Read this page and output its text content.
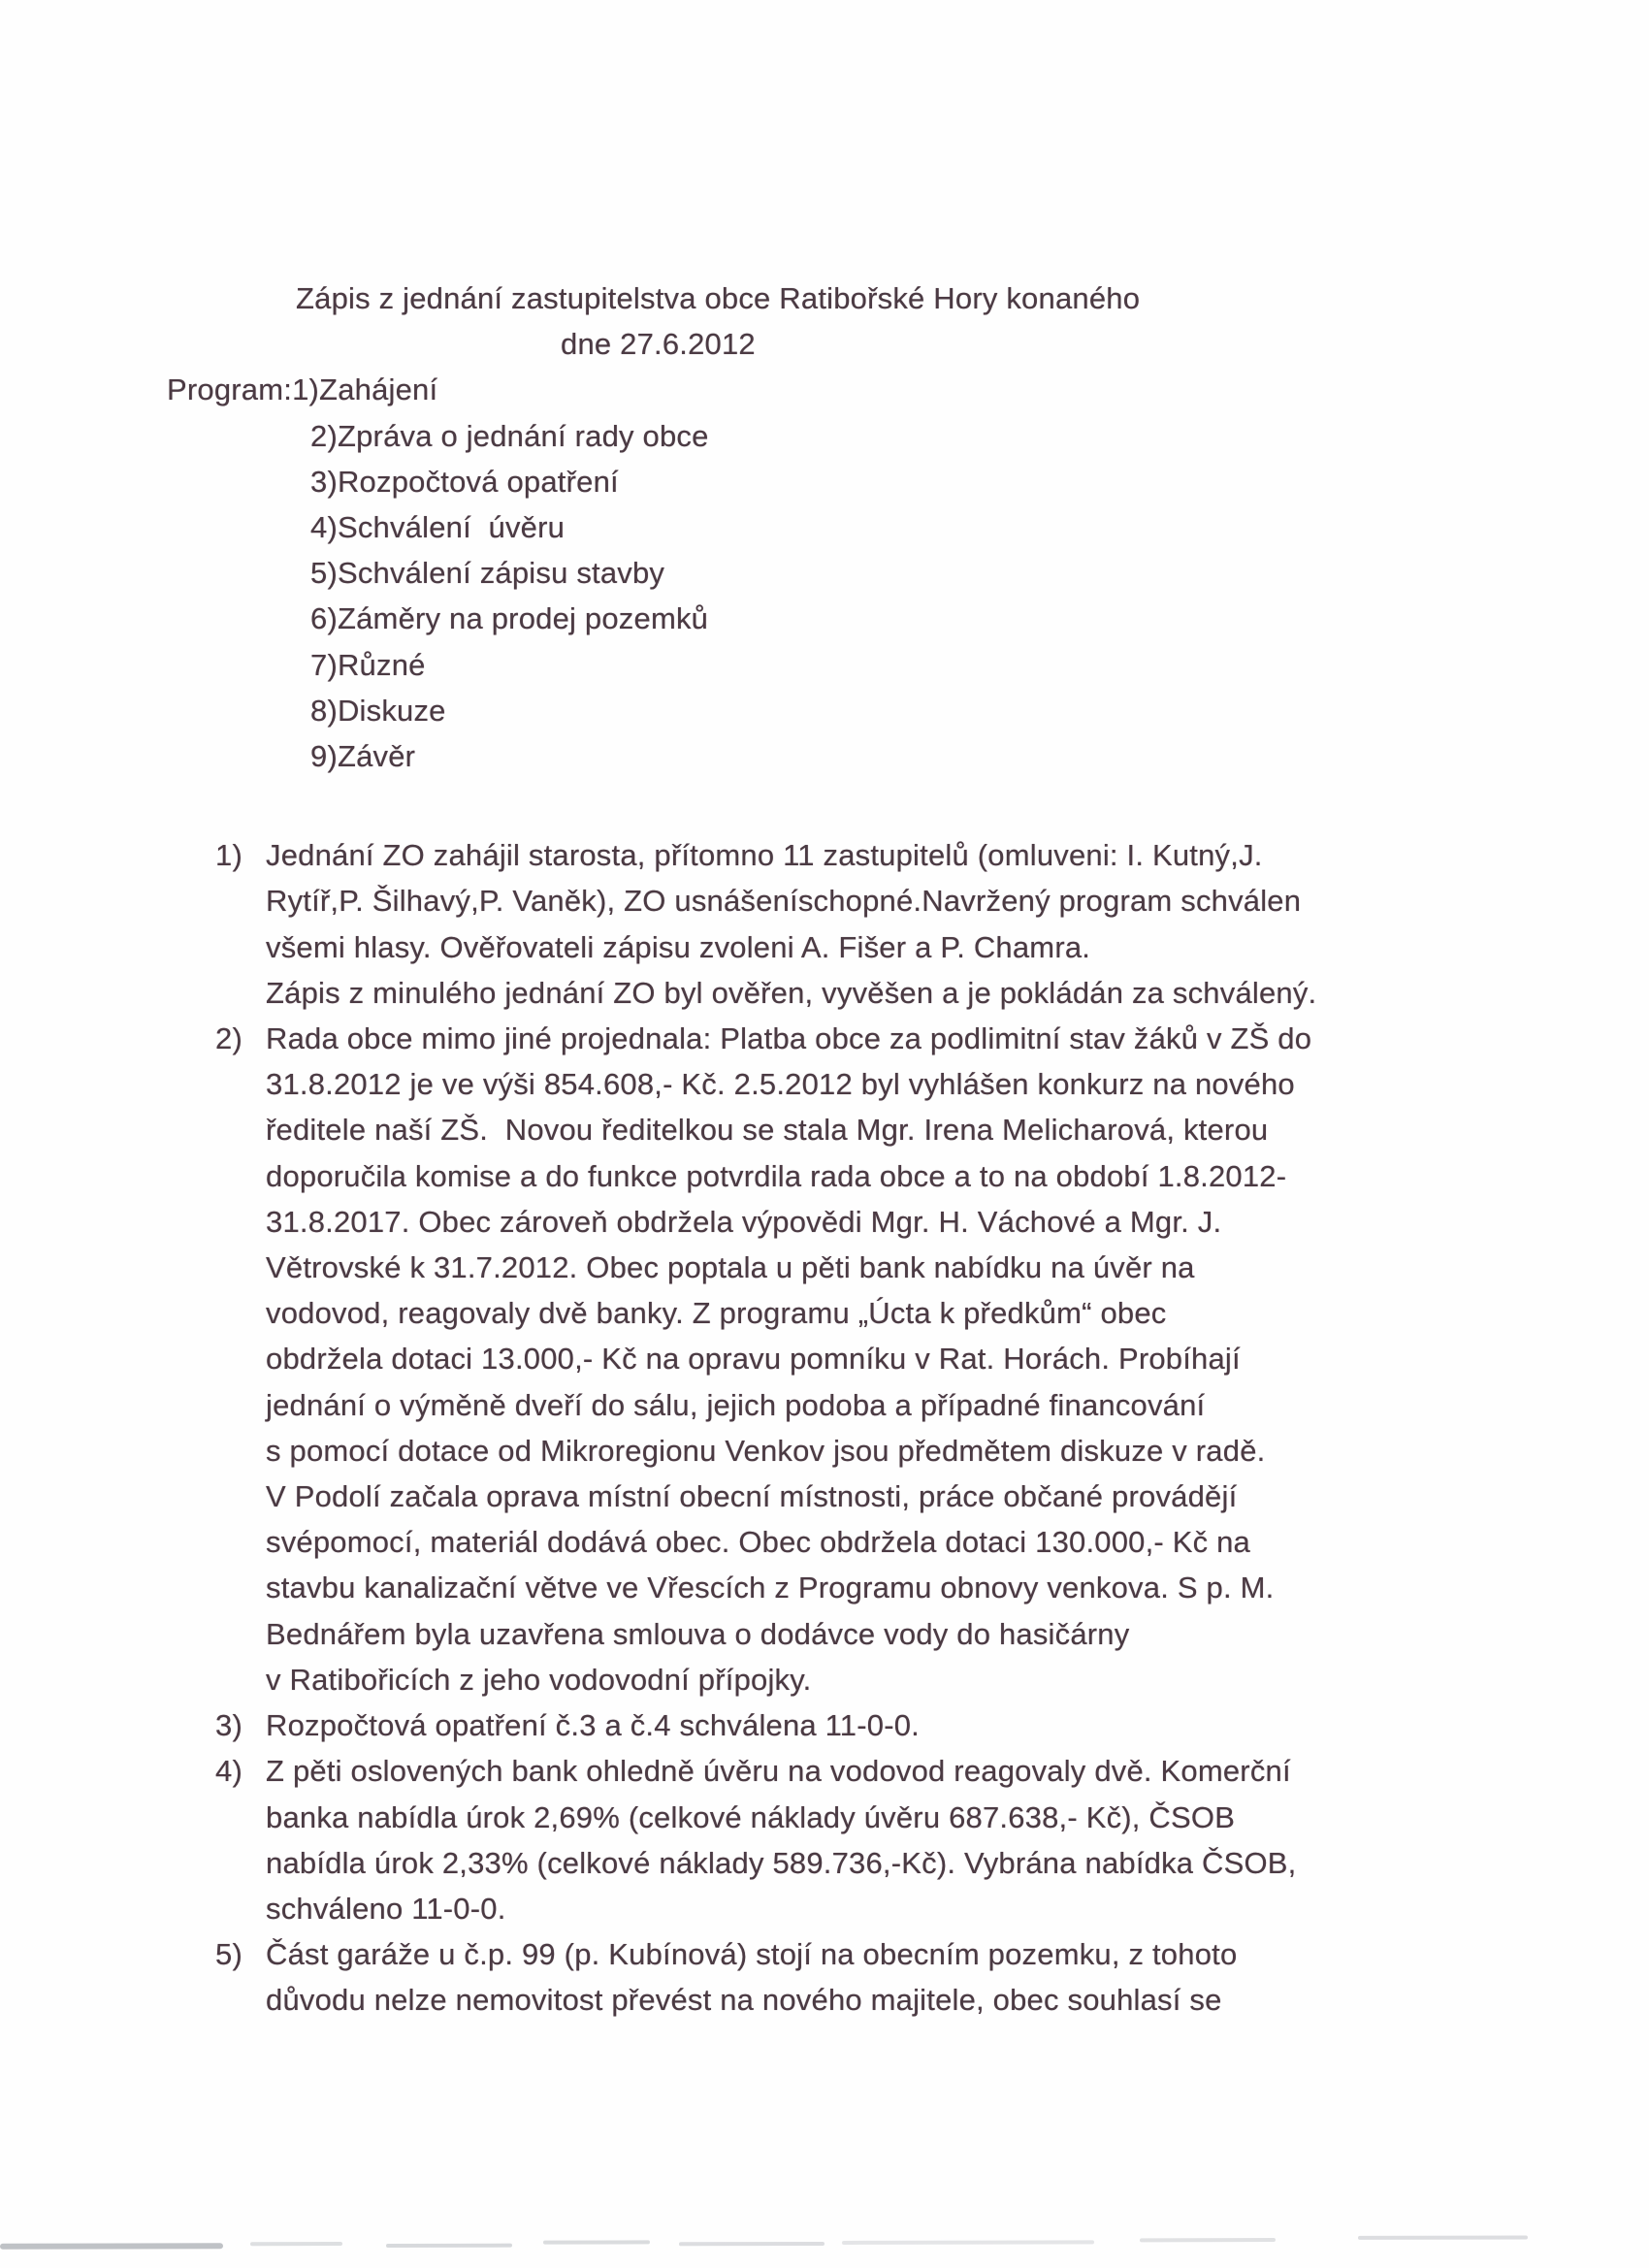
Zápis z jednání zastupitelstva obce Ratibořské Hory konaného
dne 27.6.2012
Program: 1)Zahájení
2)Zpráva o jednání rady obce
3)Rozpočtová opatření
4)Schválení  úvěru
5)Schválení zápisu stavby
6)Záměry na prodej pozemků
7)Různé
8)Diskuze
9)Závěr
1) Jednání ZO zahájil starosta, přítomno 11 zastupitelů (omluveni: I. Kutný,J.
Rytíř,P. Šilhavý,P. Vaněk), ZO usnášeníschopné.Navržený program schválen
všemi hlasy. Ověřovateli zápisu zvoleni A. Fišer a P. Chamra.
Zápis z minulého jednání ZO byl ověřen, vyvěšen a je pokládán za schválený.
2) Rada obce mimo jiné projednala: Platba obce za podlimitní stav žáků v ZŠ do
31.8.2012 je ve výši 854.608,- Kč. 2.5.2012 byl vyhlášen konkurz na nového
ředitele naší ZŠ.  Novou ředitelkou se stala Mgr. Irena Melicharová, kterou
doporučila komise a do funkce potvrdila rada obce a to na období 1.8.2012-
31.8.2017. Obec zároveň obdržela výpovědi Mgr. H. Váchové a Mgr. J.
Větrovské k 31.7.2012. Obec poptala u pěti bank nabídku na úvěr na
vodovod, reagovaly dvě banky. Z programu „Úcta k předkům“ obec
obdržela dotaci 13.000,- Kč na opravu pomníku v Rat. Horách. Probíhají
jednání o výměně dveří do sálu, jejich podoba a případné financování
s pomocí dotace od Mikroregionu Venkov jsou předmětem diskuze v radě.
V Podolí začala oprava místní obecní místnosti, práce občané provádějí
svépomocí, materiál dodává obec. Obec obdržela dotaci 130.000,- Kč na
stavbu kanalizační větve ve Vřescích z Programu obnovy venkova. S p. M.
Bednářem byla uzavřena smlouva o dodávce vody do hasičárny
v Ratibořicích z jeho vodovodní přípojky.
3) Rozpočtová opatření č.3 a č.4 schválena 11-0-0.
4) Z pěti oslovených bank ohledně úvěru na vodovod reagovaly dvě. Komerční
banka nabídla úrok 2,69% (celkové náklady úvěru 687.638,- Kč), ČSOB
nabídla úrok 2,33% (celkové náklady 589.736,-Kč). Vybrána nabídka ČSOB,
schváleno 11-0-0.
5) Část garáže u č.p. 99 (p. Kubínová) stojí na obecním pozemku, z tohoto
důvodu nelze nemovitost převést na nového majitele, obec souhlasí se
